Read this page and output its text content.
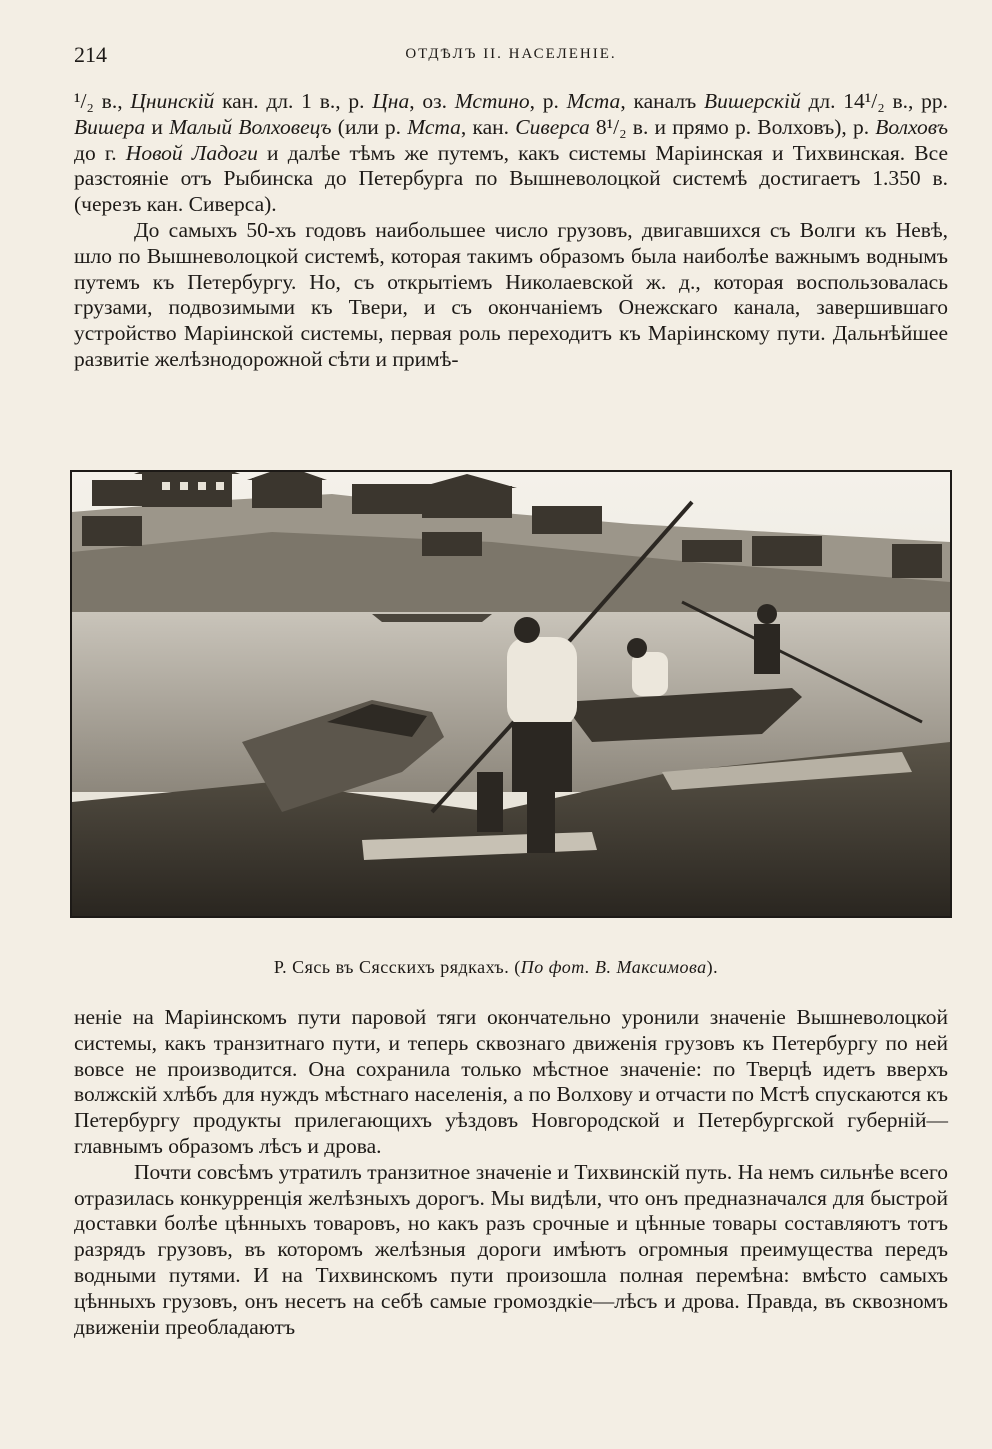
214	ОТДѢЛЪ II. НАСЕЛЕНІЕ.

¹/₂ в., Цнинскій кан. дл. 1 в., р. Цна, оз. Мстино, р. Мста, каналъ Вишерскій дл. 14¹/₂ в., рр. Вишера и Малый Волховецъ (или р. Мста, кан. Сиверса 8¹/₂ в. и прямо р. Волховъ), р. Волховъ до г. Новой Ладоги и далѣе тѣмъ же путемъ, какъ системы Маріинская и Тихвинская. Все разстояніе отъ Рыбинска до Петербурга по Вышневолоцкой системѣ достигаетъ 1.350 в. (черезъ кан. Сиверса).

До самыхъ 50-хъ годовъ наибольшее число грузовъ, двигавшихся съ Волги къ Невѣ, шло по Вышневолоцкой системѣ, которая такимъ образомъ была наиболѣе важнымъ воднымъ путемъ къ Петербургу. Но, съ открытіемъ Николаевской ж. д., которая воспользовалась грузами, подвозимыми къ Твери, и съ окончаніемъ Онежскаго канала, завершившаго устройство Маріинской системы, первая роль переходитъ къ Маріинскому пути. Дальнѣйшее развитіе желѣзнодорожной сѣти и примѣ-

Р. Сясь въ Сясскихъ рядкахъ. (По фот. В. Максимова).

неніе на Маріинскомъ пути паровой тяги окончательно уронили значеніе Вышневолоцкой системы, какъ транзитнаго пути, и теперь сквознаго движенія грузовъ къ Петербургу по ней вовсе не производится. Она сохранила только мѣстное значеніе: по Тверцѣ идетъ вверхъ волжскій хлѣбъ для нуждъ мѣстнаго населенія, а по Волхову и отчасти по Мстѣ спускаются къ Петербургу продукты прилегающихъ уѣздовъ Новгородской и Петербургской губерній—главнымъ образомъ лѣсъ и дрова.

Почти совсѣмъ утратилъ транзитное значеніе и Тихвинскій путь. На немъ сильнѣе всего отразилась конкурренція желѣзныхъ дорогъ. Мы видѣли, что онъ предназначался для быстрой доставки болѣе цѣнныхъ товаровъ, но какъ разъ срочные и цѣнные товары составляютъ тотъ разрядъ грузовъ, въ которомъ желѣзныя дороги имѣютъ огромныя преимущества передъ водными путями. И на Тихвинскомъ пути произошла полная перемѣна: вмѣсто самыхъ цѣнныхъ грузовъ, онъ несетъ на себѣ самые громоздкіе—лѣсъ и дрова. Правда, въ сквозномъ движеніи преобладаютъ
